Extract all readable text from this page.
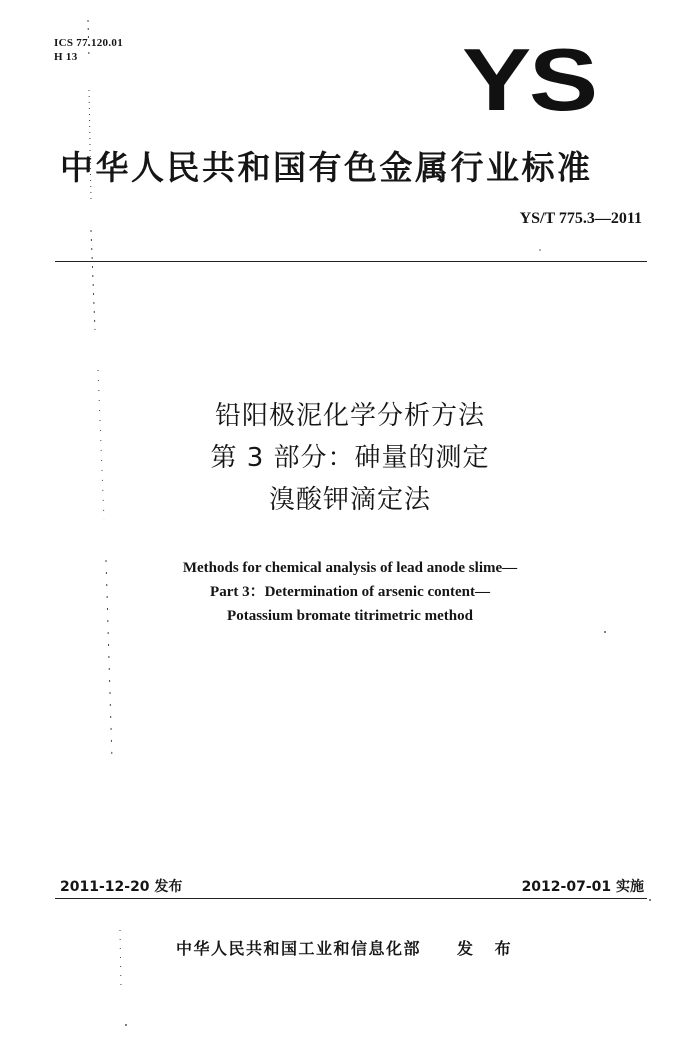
ICS 77.120.01
H 13	YS
中华人民共和国有色金属行业标准
YS/T 775.3—2011
铅阳极泥化学分析方法
第 3 部分：砷量的测定
溴酸钾滴定法
Methods for chemical analysis of lead anode slime—
Part 3：Determination of arsenic content—
Potassium bromate titrimetric method
2011-12-20 发布	2012-07-01 实施
中华人民共和国工业和信息化部 发 布
